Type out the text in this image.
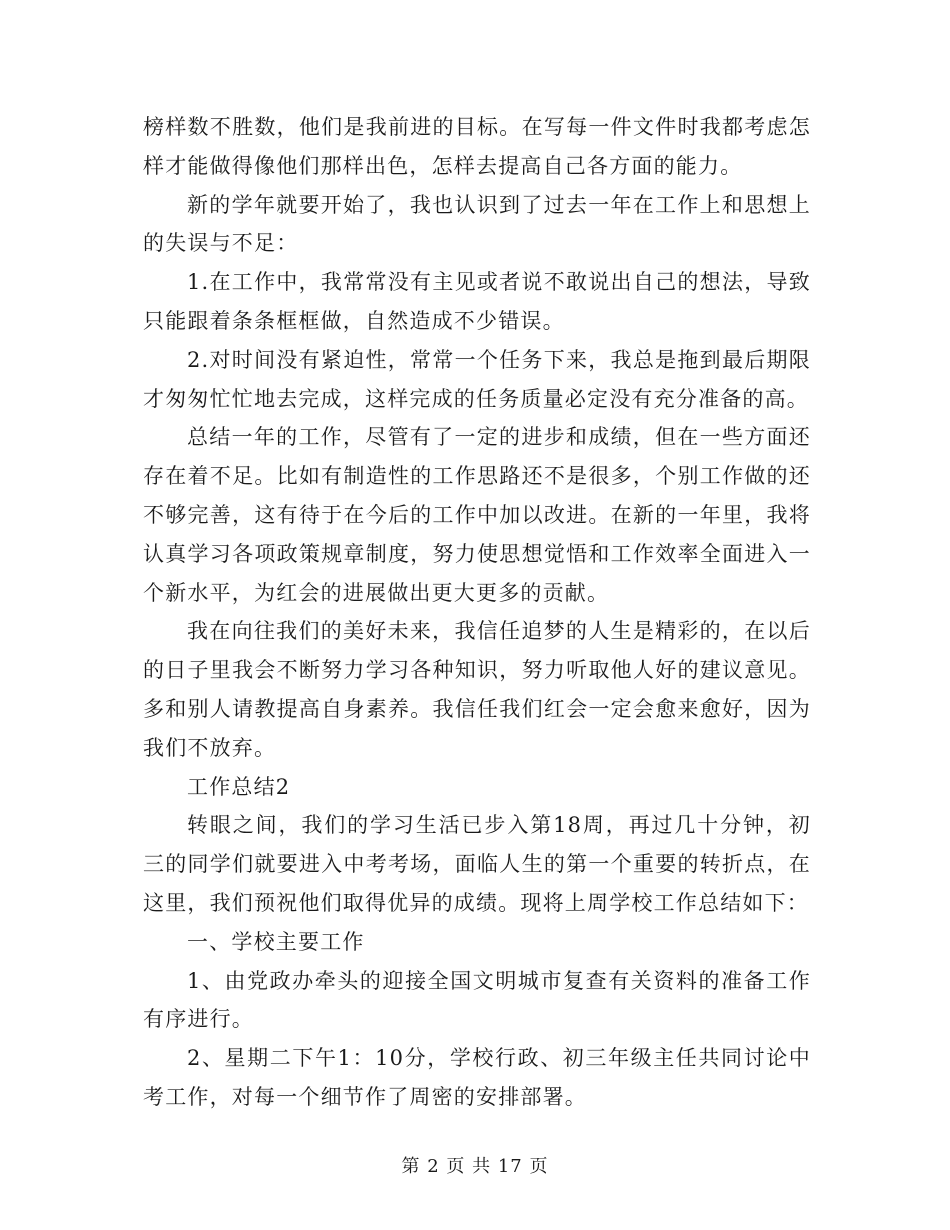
榜样数不胜数，他们是我前进的目标。在写每一件文件时我都考虑怎样才能做得像他们那样出色，怎样去提高自己各方面的能力。

新的学年就要开始了，我也认识到了过去一年在工作上和思想上的失误与不足：

1.在工作中，我常常没有主见或者说不敢说出自己的想法，导致只能跟着条条框框做，自然造成不少错误。

2.对时间没有紧迫性，常常一个任务下来，我总是拖到最后期限才匆匆忙忙地去完成，这样完成的任务质量必定没有充分准备的高。

总结一年的工作，尽管有了一定的进步和成绩，但在一些方面还存在着不足。比如有制造性的工作思路还不是很多，个别工作做的还不够完善，这有待于在今后的工作中加以改进。在新的一年里，我将认真学习各项政策规章制度，努力使思想觉悟和工作效率全面进入一个新水平，为红会的进展做出更大更多的贡献。

我在向往我们的美好未来，我信任追梦的人生是精彩的，在以后的日子里我会不断努力学习各种知识，努力听取他人好的建议意见。多和别人请教提高自身素养。我信任我们红会一定会愈来愈好，因为我们不放弃。

工作总结2

转眼之间，我们的学习生活已步入第18周，再过几十分钟，初三的同学们就要进入中考考场，面临人生的第一个重要的转折点，在这里，我们预祝他们取得优异的成绩。现将上周学校工作总结如下：

一、学校主要工作

1、由党政办牵头的迎接全国文明城市复查有关资料的准备工作有序进行。

2、星期二下午1：10分，学校行政、初三年级主任共同讨论中考工作，对每一个细节作了周密的安排部署。

第 2 页 共 17 页
